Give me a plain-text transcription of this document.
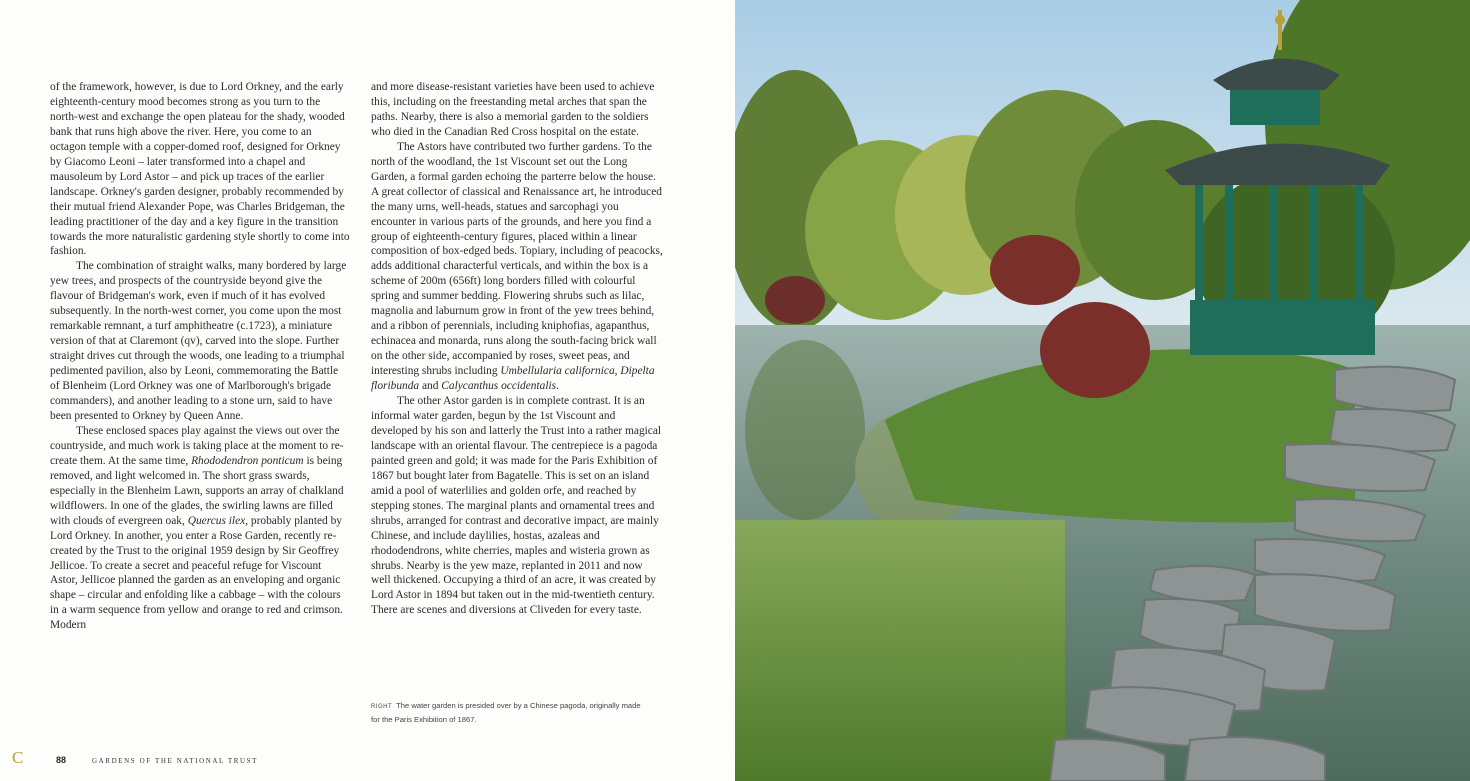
of the framework, however, is due to Lord Orkney, and the early eighteenth-century mood becomes strong as you turn to the north-west and exchange the open plateau for the shady, wooded bank that runs high above the river. Here, you come to an octagon temple with a copper-domed roof, designed for Orkney by Giacomo Leoni – later transformed into a chapel and mausoleum by Lord Astor – and pick up traces of the earlier landscape. Orkney's garden designer, probably recommended by their mutual friend Alexander Pope, was Charles Bridgeman, the leading practitioner of the day and a key figure in the transition towards the more naturalistic gardening style shortly to come into fashion.

The combination of straight walks, many bordered by large yew trees, and prospects of the countryside beyond give the flavour of Bridgeman's work, even if much of it has evolved subsequently. In the north-west corner, you come upon the most remarkable remnant, a turf amphitheatre (c.1723), a miniature version of that at Claremont (qv), carved into the slope. Further straight drives cut through the woods, one leading to a triumphal pedimented pavilion, also by Leoni, commemorating the Battle of Blenheim (Lord Orkney was one of Marlborough's brigade commanders), and another leading to a stone urn, said to have been presented to Orkney by Queen Anne.

These enclosed spaces play against the views out over the countryside, and much work is taking place at the moment to re-create them. At the same time, Rhododendron ponticum is being removed, and light welcomed in. The short grass swards, especially in the Blenheim Lawn, supports an array of chalkland wildflowers. In one of the glades, the swirling lawns are filled with clouds of evergreen oak, Quercus ilex, probably planted by Lord Orkney. In another, you enter a Rose Garden, recently re-created by the Trust to the original 1959 design by Sir Geoffrey Jellicoe. To create a secret and peaceful refuge for Viscount Astor, Jellicoe planned the garden as an enveloping and organic shape – circular and enfolding like a cabbage – with the colours in a warm sequence from yellow and orange to red and crimson. Modern

and more disease-resistant varieties have been used to achieve this, including on the freestanding metal arches that span the paths. Nearby, there is also a memorial garden to the soldiers who died in the Canadian Red Cross hospital on the estate.

The Astors have contributed two further gardens. To the north of the woodland, the 1st Viscount set out the Long Garden, a formal garden echoing the parterre below the house. A great collector of classical and Renaissance art, he introduced the many urns, well-heads, statues and sarcophagi you encounter in various parts of the grounds, and here you find a group of eighteenth-century figures, placed within a linear composition of box-edged beds. Topiary, including of peacocks, adds additional characterful verticals, and within the box is a scheme of 200m (656ft) long borders filled with colourful spring and summer bedding. Flowering shrubs such as lilac, magnolia and laburnum grow in front of the yew trees behind, and a ribbon of perennials, including kniphofias, agapanthus, echinacea and monarda, runs along the south-facing brick wall on the other side, accompanied by roses, sweet peas, and interesting shrubs including Umbellularia californica, Dipelta floribunda and Calycanthus occidentalis.

The other Astor garden is in complete contrast. It is an informal water garden, begun by the 1st Viscount and developed by his son and latterly the Trust into a rather magical landscape with an oriental flavour. The centrepiece is a pagoda painted green and gold; it was made for the Paris Exhibition of 1867 but bought later from Bagatelle. This is set on an island amid a pool of waterlilies and golden orfe, and reached by stepping stones. The marginal plants and ornamental trees and shrubs, arranged for contrast and decorative impact, are mainly Chinese, and include daylilies, hostas, azaleas and rhododendrons, white cherries, maples and wisteria grown as shrubs. Nearby is the yew maze, replanted in 2011 and now well thickened. Occupying a third of an acre, it was created by Lord Astor in 1894 but taken out in the mid-twentieth century. There are scenes and diversions at Cliveden for every taste.

RIGHT The water garden is presided over by a Chinese pagoda, originally made for the Paris Exhibition of 1867.
C	88	GARDENS OF THE NATIONAL TRUST
